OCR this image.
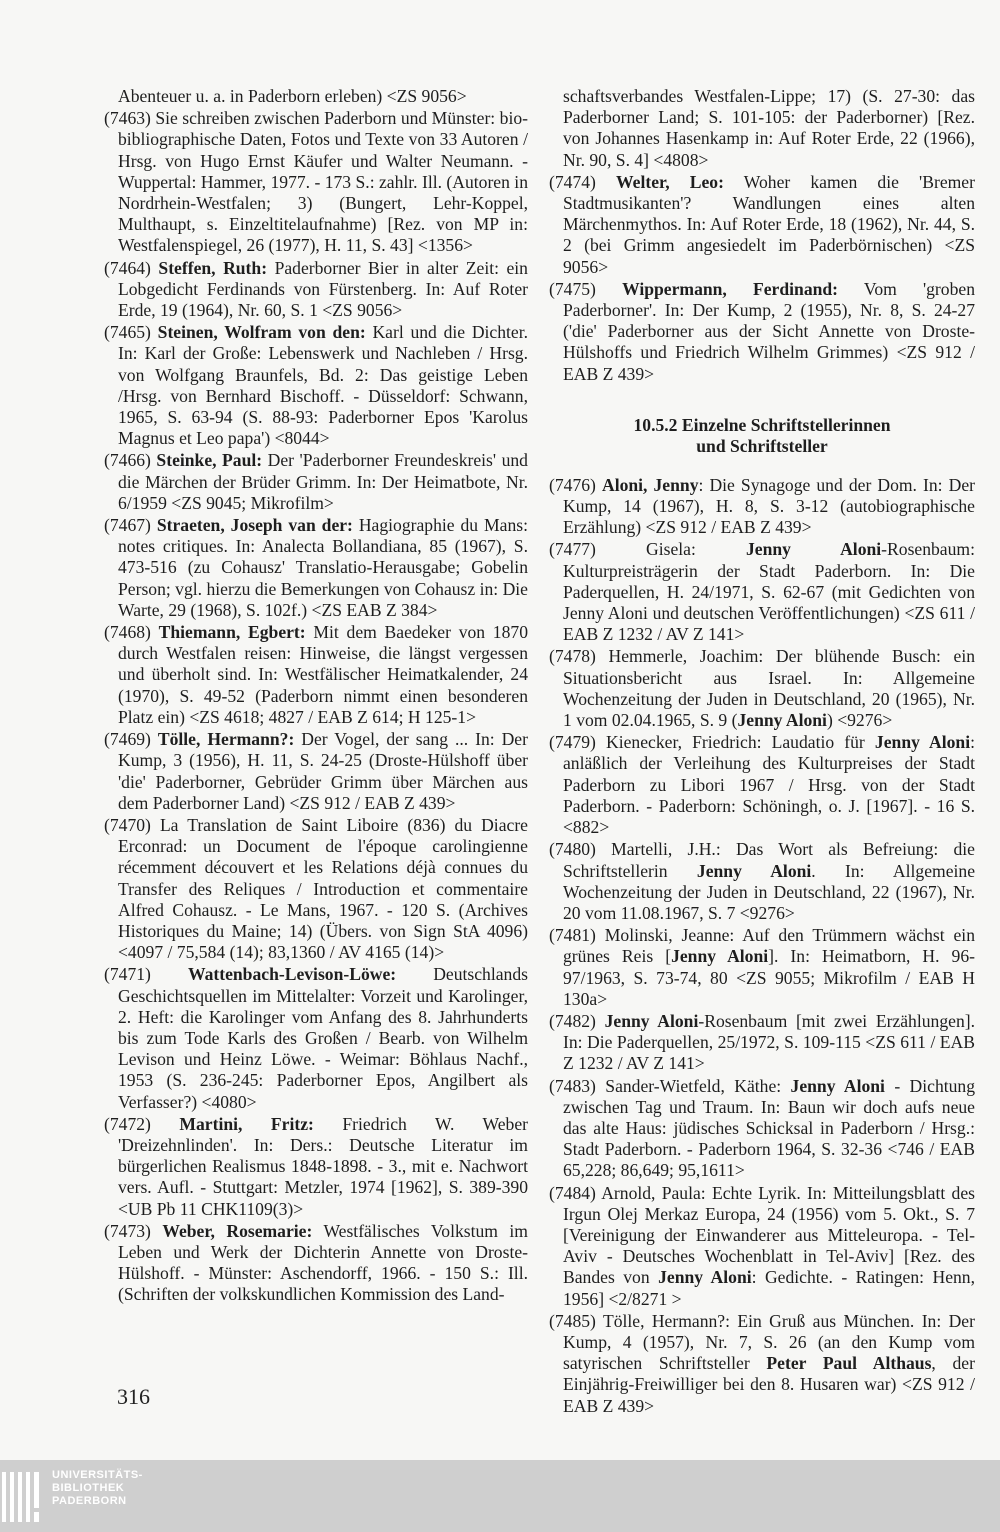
Abenteuer u. a. in Paderborn erleben) <ZS 9056>

(7463) Sie schreiben zwischen Paderborn und Münster: bio-bibliographische Daten, Fotos und Texte von 33 Autoren / Hrsg. von Hugo Ernst Käufer und Walter Neumann. - Wuppertal: Hammer, 1977. - 173 S.: zahlr. Ill. (Autoren in Nordrhein-Westfalen; 3) (Bungert, Lehr-Koppel, Multhaupt, s. Einzeltitelaufnahme) [Rez. von MP in: Westfalenspiegel, 26 (1977), H. 11, S. 43] <1356>

(7464) Steffen, Ruth: Paderborner Bier in alter Zeit: ein Lobgedicht Ferdinands von Fürstenberg. In: Auf Roter Erde, 19 (1964), Nr. 60, S. 1 <ZS 9056>

(7465) Steinen, Wolfram von den: Karl und die Dichter. In: Karl der Große: Lebenswerk und Nachleben / Hrsg. von Wolfgang Braunfels, Bd. 2: Das geistige Leben /Hrsg. von Bernhard Bischoff. - Düsseldorf: Schwann, 1965, S. 63-94 (S. 88-93: Paderborner Epos 'Karolus Magnus et Leo papa') <8044>

(7466) Steinke, Paul: Der 'Paderborner Freundeskreis' und die Märchen der Brüder Grimm. In: Der Heimatbote, Nr. 6/1959 <ZS 9045; Mikrofilm>

(7467) Straeten, Joseph van der: Hagiographie du Mans: notes critiques. In: Analecta Bollandiana, 85 (1967), S. 473-516 (zu Cohausz' Translatio-Herausgabe; Gobelin Person; vgl. hierzu die Bemerkungen von Cohausz in: Die Warte, 29 (1968), S. 102f.) <ZS EAB Z 384>

(7468) Thiemann, Egbert: Mit dem Baedeker von 1870 durch Westfalen reisen: Hinweise, die längst vergessen und überholt sind. In: Westfälischer Heimatkalender, 24 (1970), S. 49-52 (Paderborn nimmt einen besonderen Platz ein) <ZS 4618; 4827 / EAB Z 614; H 125-1>

(7469) Tölle, Hermann?: Der Vogel, der sang ... In: Der Kump, 3 (1956), H. 11, S. 24-25 (Droste-Hülshoff über 'die' Paderborner, Gebrüder Grimm über Märchen aus dem Paderborner Land) <ZS 912 / EAB Z 439>

(7470) La Translation de Saint Liboire (836) du Diacre Erconrad: un Document de l'époque carolingienne récemment découvert et les Relations déjà connues du Transfer des Reliques / Introduction et commentaire Alfred Cohausz. - Le Mans, 1967. - 120 S. (Archives Historiques du Maine; 14) (Übers. von Sign StA 4096) <4097 / 75,584 (14); 83,1360 / AV 4165 (14)>

(7471) Wattenbach-Levison-Löwe: Deutschlands Geschichtsquellen im Mittelalter: Vorzeit und Karolinger, 2. Heft: die Karolinger vom Anfang des 8. Jahrhunderts bis zum Tode Karls des Großen / Bearb. von Wilhelm Levison und Heinz Löwe. - Weimar: Böhlaus Nachf., 1953 (S. 236-245: Paderborner Epos, Angilbert als Verfasser?) <4080>

(7472) Martini, Fritz: Friedrich W. Weber 'Dreizehnlinden'. In: Ders.: Deutsche Literatur im bürgerlichen Realismus 1848-1898. - 3., mit e. Nachwort vers. Aufl. - Stuttgart: Metzler, 1974 [1962], S. 389-390 <UB Pb 11 CHK1109(3)>

(7473) Weber, Rosemarie: Westfälisches Volkstum im Leben und Werk der Dichterin Annette von Droste-Hülshoff. - Münster: Aschendorff, 1966. - 150 S.: Ill. (Schriften der volkskundlichen Kommission des Land-

schaftsverbandes Westfalen-Lippe; 17) (S. 27-30: das Paderborner Land; S. 101-105: der Paderborner) [Rez. von Johannes Hasenkamp in: Auf Roter Erde, 22 (1966), Nr. 90, S. 4] <4808>

(7474) Welter, Leo: Woher kamen die 'Bremer Stadtmusikanten'? Wandlungen eines alten Märchenmythos. In: Auf Roter Erde, 18 (1962), Nr. 44, S. 2 (bei Grimm angesiedelt im Paderbörnischen) <ZS 9056>

(7475) Wippermann, Ferdinand: Vom 'groben Paderborner'. In: Der Kump, 2 (1955), Nr. 8, S. 24-27 ('die' Paderborner aus der Sicht Annette von Droste-Hülshoffs und Friedrich Wilhelm Grimmes) <ZS 912 / EAB Z 439>

10.5.2 Einzelne Schriftstellerinnen
und Schriftsteller

(7476) Aloni, Jenny: Die Synagoge und der Dom. In: Der Kump, 14 (1967), H. 8, S. 3-12 (autobiographische Erzählung) <ZS 912 / EAB Z 439>

(7477)	Gisela: Jenny Aloni-Rosenbaum: Kulturpreisträgerin der Stadt Paderborn. In: Die Paderquellen, H. 24/1971, S. 62-67 (mit Gedichten von Jenny Aloni und deutschen Veröffentlichungen) <ZS 611 / EAB Z 1232 / AV Z 141>

(7478) Hemmerle, Joachim: Der blühende Busch: ein Situationsbericht aus Israel. In: Allgemeine Wochenzeitung der Juden in Deutschland, 20 (1965), Nr. 1 vom 02.04.1965, S. 9 (Jenny Aloni) <9276>

(7479) Kienecker, Friedrich: Laudatio für Jenny Aloni: anläßlich der Verleihung des Kulturpreises der Stadt Paderborn zu Libori 1967 / Hrsg. von der Stadt Paderborn. - Paderborn: Schöningh, o. J. [1967]. - 16 S. <882>

(7480) Martelli, J.H.: Das Wort als Befreiung: die Schriftstellerin Jenny Aloni. In: Allgemeine Wochenzeitung der Juden in Deutschland, 22 (1967), Nr. 20 vom 11.08.1967, S. 7 <9276>

(7481) Molinski, Jeanne: Auf den Trümmern wächst ein grünes Reis [Jenny Aloni]. In: Heimatborn, H. 96-97/1963, S. 73-74, 80 <ZS 9055; Mikrofilm / EAB H 130a>

(7482) Jenny Aloni-Rosenbaum [mit zwei Erzählungen]. In: Die Paderquellen, 25/1972, S. 109-115 <ZS 611 / EAB Z 1232 / AV Z 141>

(7483) Sander-Wietfeld, Käthe: Jenny Aloni - Dichtung zwischen Tag und Traum. In: Baun wir doch aufs neue das alte Haus: jüdisches Schicksal in Paderborn / Hrsg.: Stadt Paderborn. - Paderborn 1964, S. 32-36 <746 / EAB 65,228; 86,649; 95,1611>

(7484) Arnold, Paula: Echte Lyrik. In: Mitteilungsblatt des Irgun Olej Merkaz Europa, 24 (1956) vom 5. Okt., S. 7 [Vereinigung der Einwanderer aus Mitteleuropa. - Tel-Aviv - Deutsches Wochenblatt in Tel-Aviv] [Rez. des Bandes von Jenny Aloni: Gedichte. - Ratingen: Henn, 1956] <2/8271 >

(7485) Tölle, Hermann?: Ein Gruß aus München. In: Der Kump, 4 (1957), Nr. 7, S. 26 (an den Kump vom satyrischen Schriftsteller Peter Paul Althaus, der Einjährig-Freiwilliger bei den 8. Husaren war) <ZS 912 / EAB Z 439>

316
UNIVERSITÄTS-
BIBLIOTHEK
PADERBORN
